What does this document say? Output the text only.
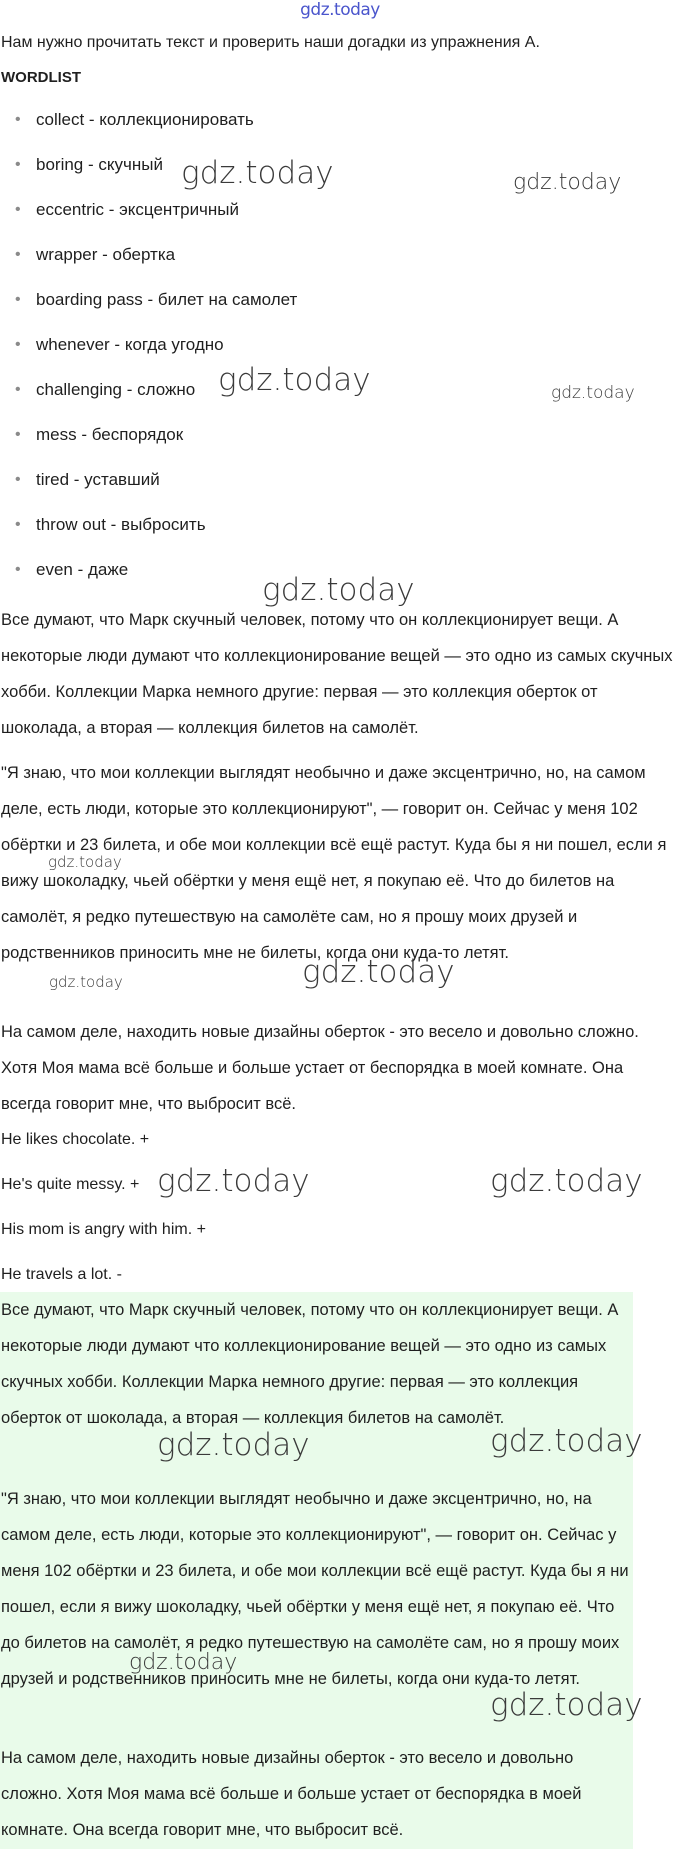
gdz.today
Нам нужно прочитать текст и проверить наши догадки из упражнения А.
WORDLIST
• collect - коллекционировать
• boring - скучный
• eccentric - эксцентричный
• wrapper - обертка
• boarding pass - билет на самолет
• whenever - когда угодно
• challenging - сложно
• mess - беспорядок
• tired - уставший
• throw out - выбросить
• even - даже

Все думают, что Марк скучный человек, потому что он коллекционирует вещи. А некоторые люди думают что коллекционирование вещей — это одно из самых скучных хобби. Коллекции Марка немного другие: первая — это коллекция оберток от шоколада, а вторая — коллекция билетов на самолёт.

"Я знаю, что мои коллекции выглядят необычно и даже эксцентрично, но, на самом деле, есть люди, которые это коллекционируют", — говорит он. Сейчас у меня 102 обёртки и 23 билета, и обе мои коллекции всё ещё растут. Куда бы я ни пошел, если я вижу шоколадку, чьей обёртки у меня ещё нет, я покупаю её. Что до билетов на самолёт, я редко путешествую на самолёте сам, но я прошу моих друзей и родственников приносить мне не билеты, когда они куда-то летят.

На самом деле, находить новые дизайны оберток - это весело и довольно сложно. Хотя Моя мама всё больше и больше устает от беспорядка в моей комнате. Она всегда говорит мне, что выбросит всё.

He likes chocolate. +
He's quite messy. +
His mom is angry with him. +
He travels a lot. -

Все думают, что Марк скучный человек, потому что он коллекционирует вещи. А некоторые люди думают что коллекционирование вещей — это одно из самых скучных хобби. Коллекции Марка немного другие: первая — это коллекция оберток от шоколада, а вторая — коллекция билетов на самолёт.

"Я знаю, что мои коллекции выглядят необычно и даже эксцентрично, но, на самом деле, есть люди, которые это коллекционируют", — говорит он. Сейчас у меня 102 обёртки и 23 билета, и обе мои коллекции всё ещё растут. Куда бы я ни пошел, если я вижу шоколадку, чьей обёртки у меня ещё нет, я покупаю её. Что до билетов на самолёт, я редко путешествую на самолёте сам, но я прошу моих друзей и родственников приносить мне не билеты, когда они куда-то летят.

На самом деле, находить новые дизайны оберток - это весело и довольно сложно. Хотя Моя мама всё больше и больше устает от беспорядка в моей комнате. Она всегда говорит мне, что выбросит всё.

gdz.today	gdz.today
gdz.today	gdz.today
gdz.today
gdz.today
gdz.today
gdz.today
gdz.today	gdz.today
gdz.today	gdz.today
gdz.today
gdz.today
